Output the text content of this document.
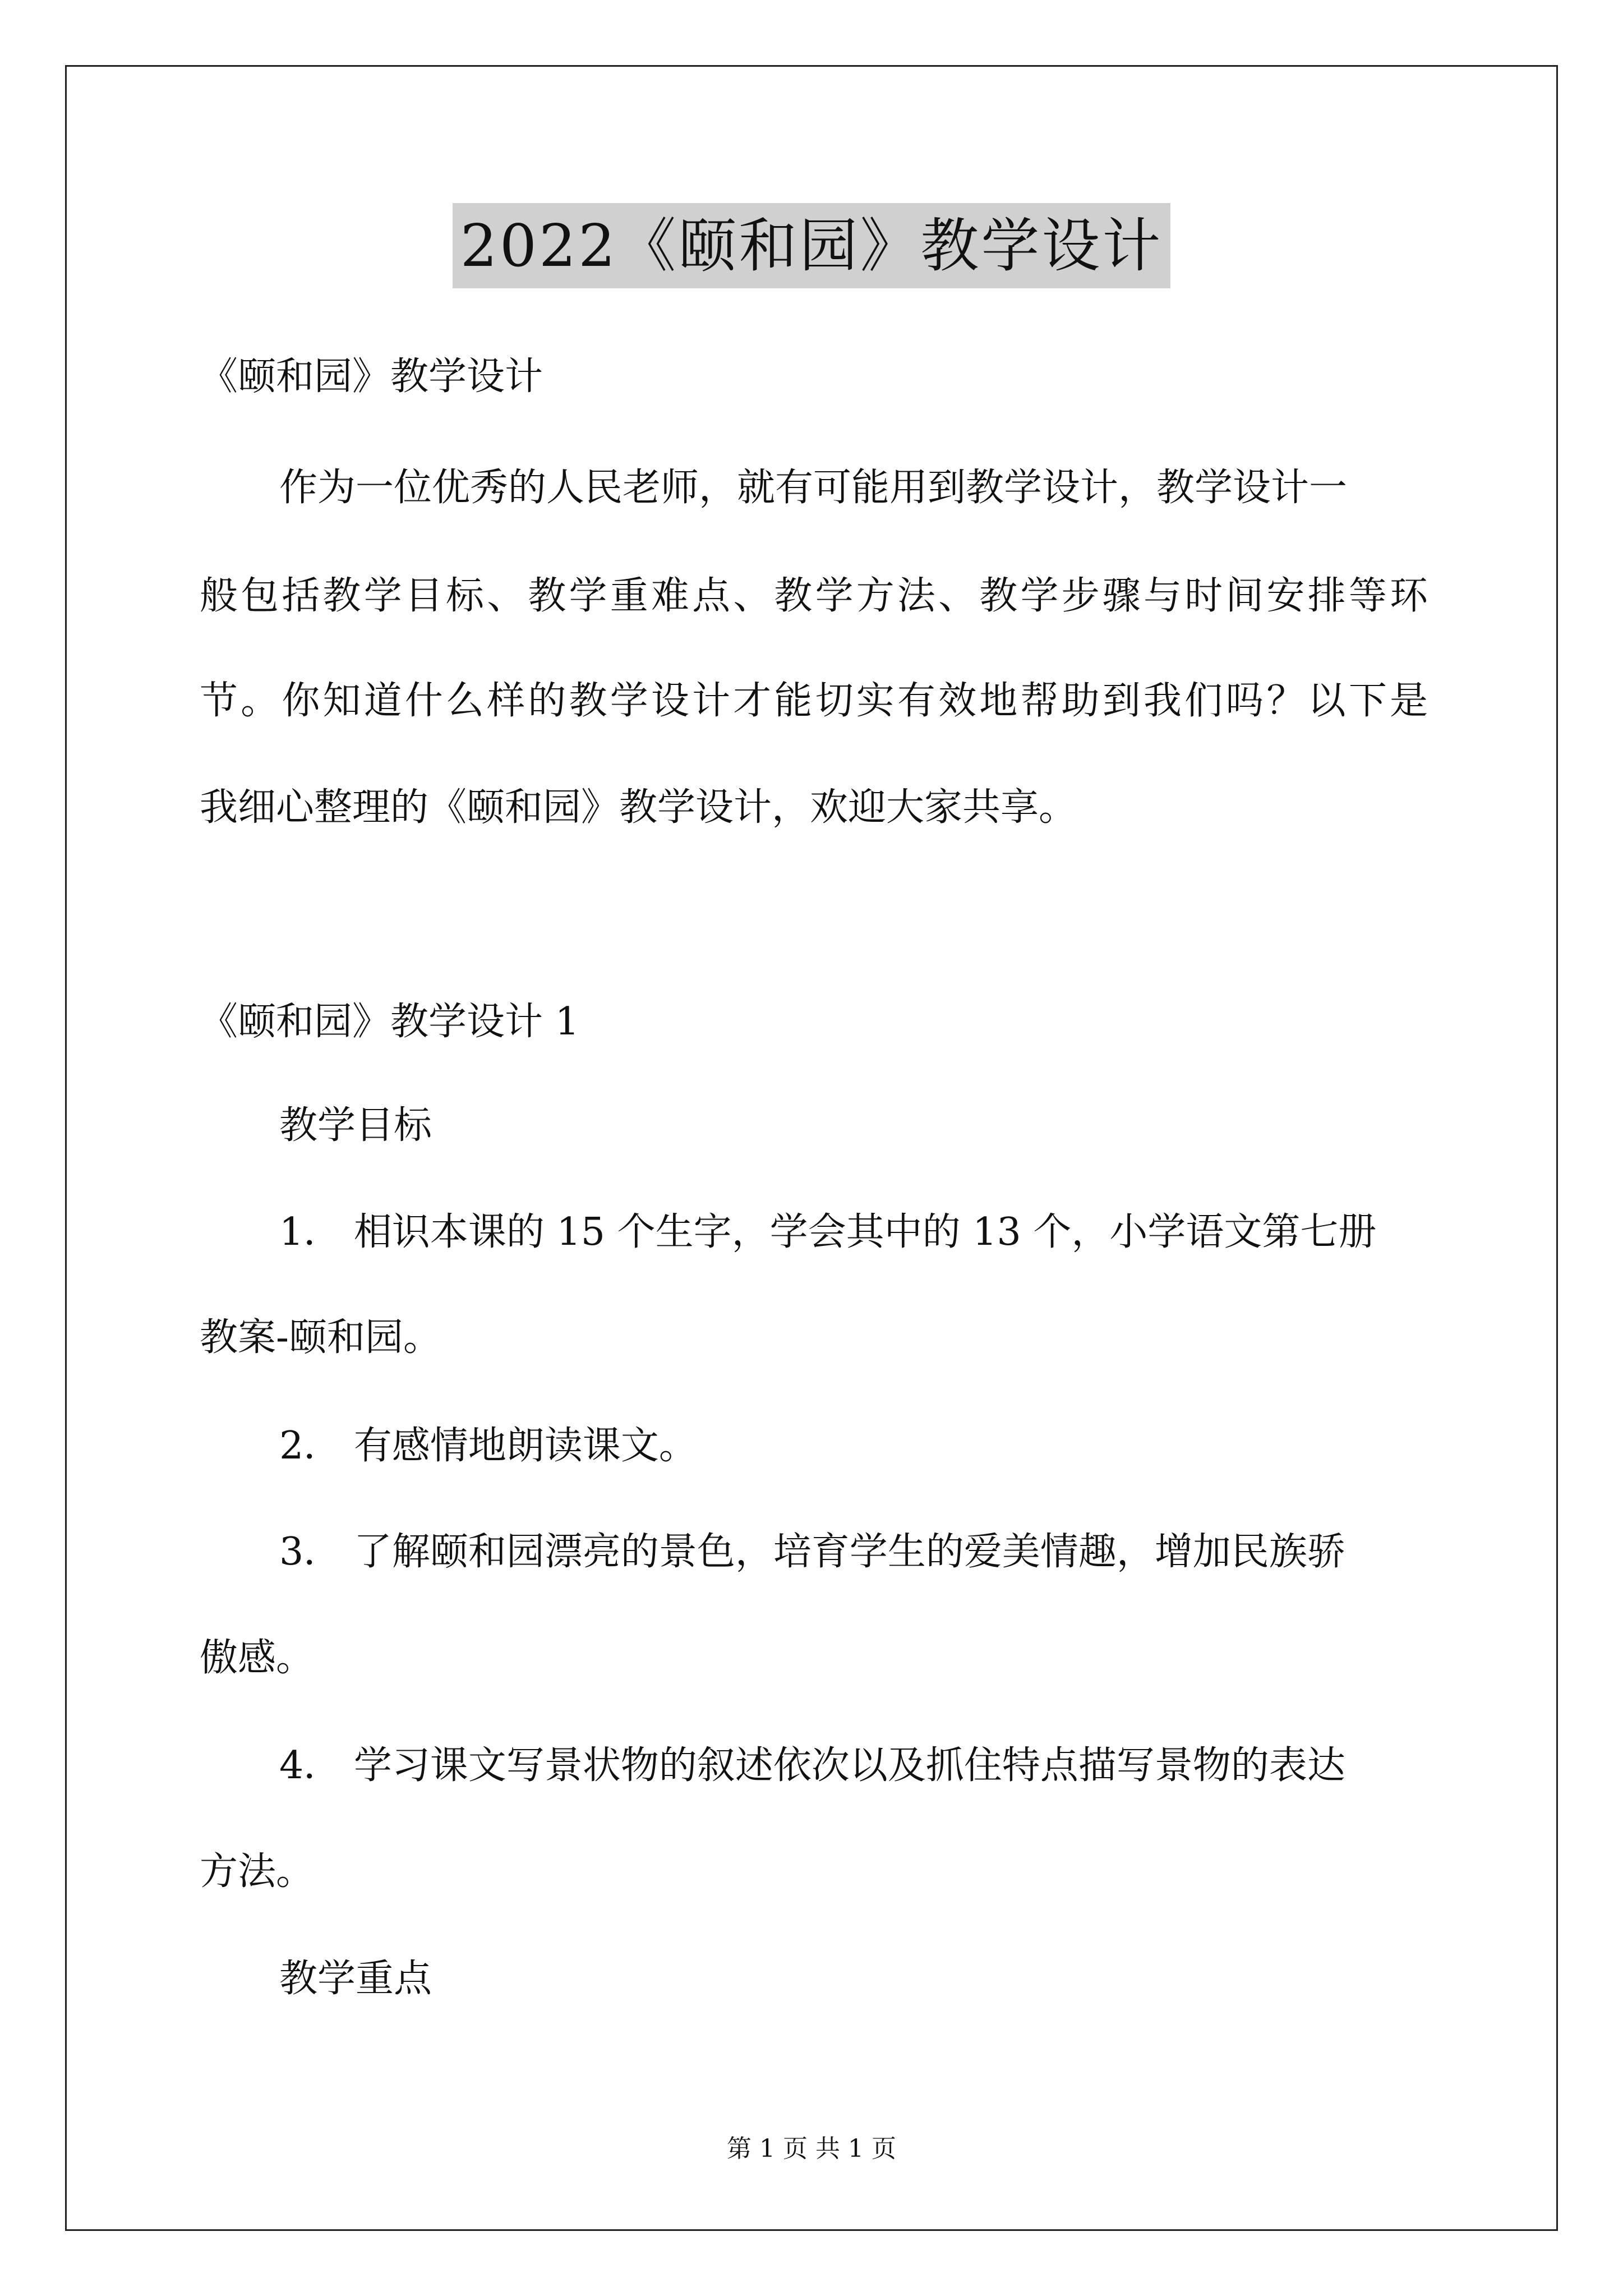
2022《颐和园》教学设计
《颐和园》教学设计
作为一位优秀的人民老师，就有可能用到教学设计，教学设计一
般包括教学目标、教学重难点、教学方法、教学步骤与时间安排等环
节。你知道什么样的教学设计才能切实有效地帮助到我们吗？以下是
我细心整理的《颐和园》教学设计，欢迎大家共享。
《颐和园》教学设计 1
教学目标
1． 相识本课的 15 个生字，学会其中的 13 个，小学语文第七册
教案-颐和园。
2． 有感情地朗读课文。
3． 了解颐和园漂亮的景色，培育学生的爱美情趣，增加民族骄
傲感。
4． 学习课文写景状物的叙述依次以及抓住特点描写景物的表达
方法。
教学重点
第 1 页 共 1 页
